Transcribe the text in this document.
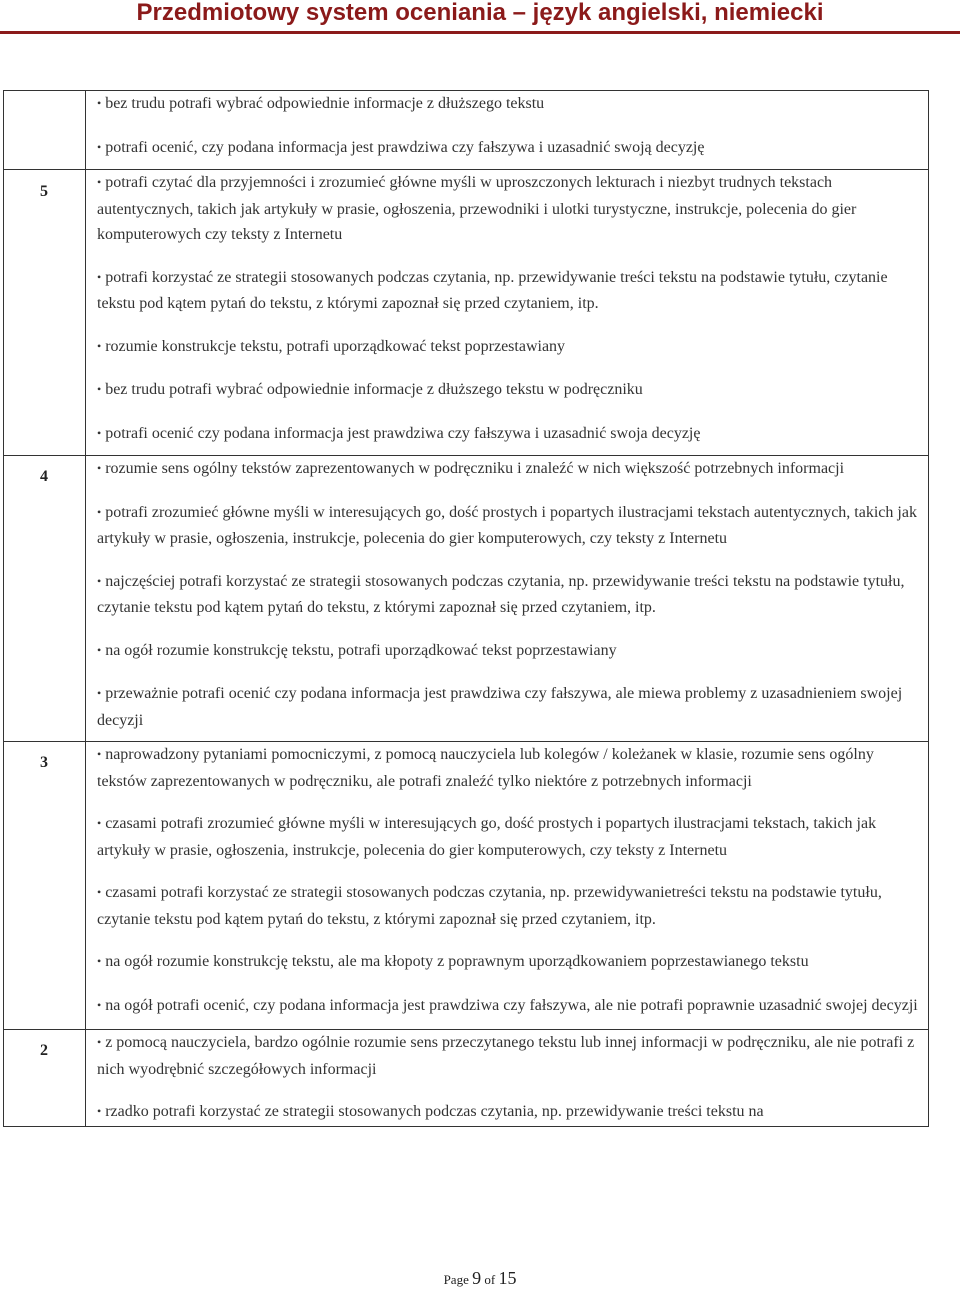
Przedmiotowy system oceniania – język angielski, niemiecki

	• bez trudu potrafi wybrać odpowiednie informacje z dłuższego tekstu
• potrafi ocenić, czy podana informacja jest prawdziwa czy fałszywa i uzasadnić swoją decyzję

5	• potrafi czytać dla przyjemności i zrozumieć główne myśli w uproszczonych lekturach i niezbyt trudnych tekstach autentycznych, takich jak artykuły w prasie, ogłoszenia, przewodniki i ulotki turystyczne, instrukcje, polecenia do gier komputerowych czy teksty z Internetu
• potrafi korzystać ze strategii stosowanych podczas czytania, np. przewidywanie treści tekstu na podstawie tytułu, czytanie tekstu pod kątem pytań do tekstu, z którymi zapoznał się przed czytaniem, itp.
• rozumie konstrukcje tekstu, potrafi uporządkować tekst poprzestawiany
• bez trudu potrafi wybrać odpowiednie informacje z dłuższego tekstu w podręczniku
• potrafi ocenić czy podana informacja jest prawdziwa czy fałszywa i uzasadnić swoja decyzję

4	• rozumie sens ogólny tekstów zaprezentowanych w podręczniku i znaleźć w nich większość potrzebnych informacji
• potrafi zrozumieć główne myśli w interesujących go, dość prostych i popartych ilustracjami tekstach autentycznych, takich jak artykuły w prasie, ogłoszenia, instrukcje, polecenia do gier komputerowych, czy teksty z Internetu
• najczęściej potrafi korzystać ze strategii stosowanych podczas czytania, np. przewidywanie treści tekstu na podstawie tytułu, czytanie tekstu pod kątem pytań do tekstu, z którymi zapoznał się przed czytaniem, itp.
• na ogół rozumie konstrukcję tekstu, potrafi uporządkować tekst poprzestawiany
• przeważnie potrafi ocenić czy podana informacja jest prawdziwa czy fałszywa, ale miewa problemy z uzasadnieniem swojej decyzji

3	• naprowadzony pytaniami pomocniczymi, z pomocą nauczyciela lub kolegów / koleżanek w klasie, rozumie sens ogólny tekstów zaprezentowanych w podręczniku, ale potrafi znaleźć tylko niektóre z potrzebnych informacji
• czasami potrafi zrozumieć główne myśli w interesujących go, dość prostych i popartych ilustracjami tekstach, takich jak artykuły w prasie, ogłoszenia, instrukcje, polecenia do gier komputerowych, czy teksty z Internetu
• czasami potrafi korzystać ze strategii stosowanych podczas czytania, np. przewidywanietreści tekstu na podstawie tytułu, czytanie tekstu pod kątem pytań do tekstu, z którymi zapoznał się przed czytaniem, itp.
• na ogół rozumie konstrukcję tekstu, ale ma kłopoty z poprawnym uporządkowaniem poprzestawianego tekstu
• na ogół potrafi ocenić, czy podana informacja jest prawdziwa czy fałszywa, ale nie potrafi poprawnie uzasadnić swojej decyzji

2	• z pomocą nauczyciela, bardzo ogólnie rozumie sens przeczytanego tekstu lub innej informacji w podręczniku, ale nie potrafi z nich wyodrębnić szczegółowych informacji
• rzadko potrafi korzystać ze strategii stosowanych podczas czytania, np. przewidywanie treści tekstu na
Page 9 of 15
